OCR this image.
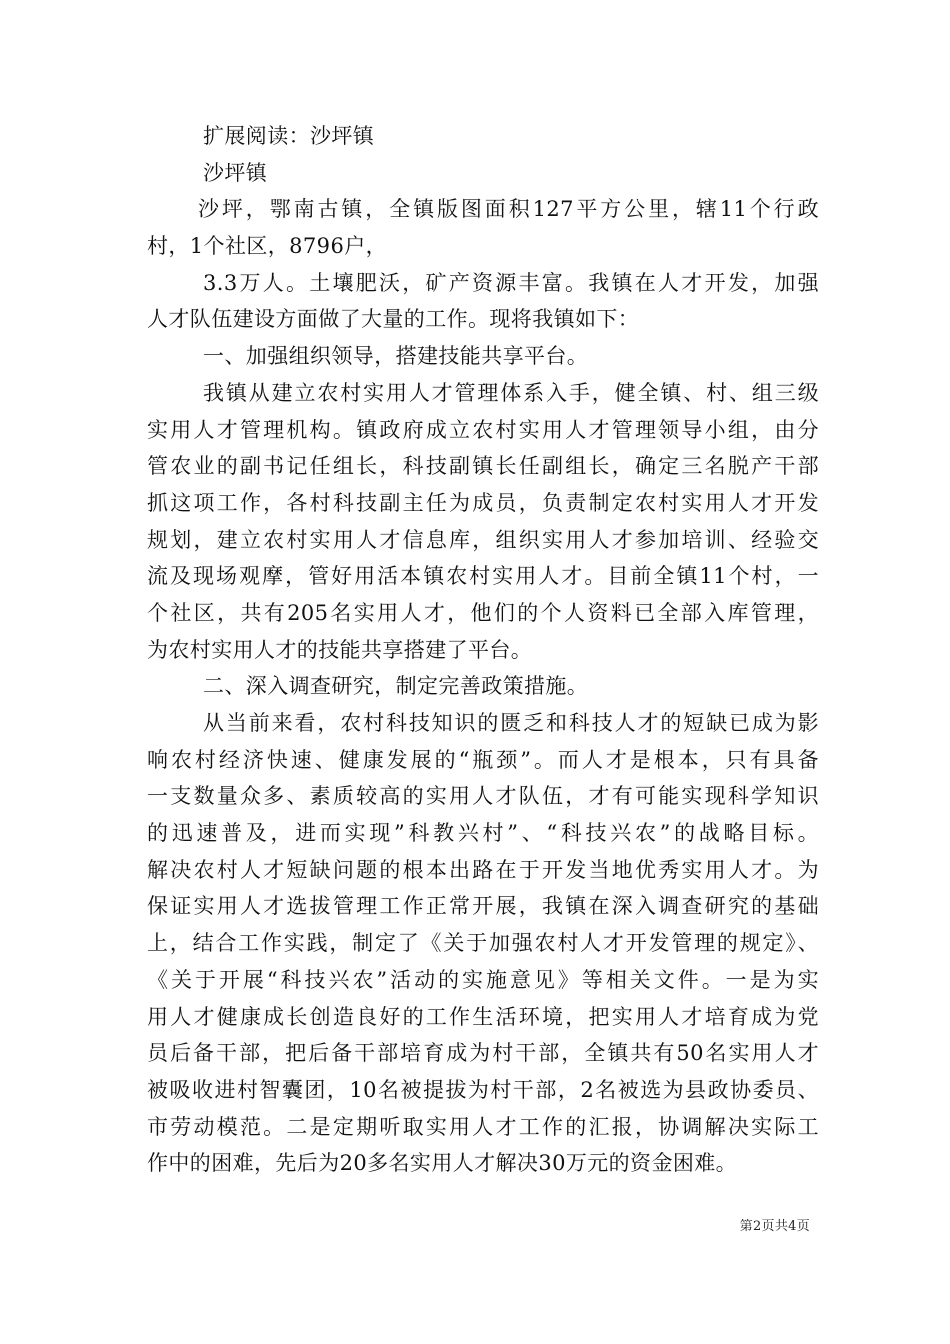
扩展阅读：沙坪镇
沙坪镇
沙坪，鄂南古镇，全镇版图面积127平方公里，辖11个行政
村，1个社区，8796户，
3.3万人。土壤肥沃，矿产资源丰富。我镇在人才开发，加强
人才队伍建设方面做了大量的工作。现将我镇如下：
一、加强组织领导，搭建技能共享平台。
我镇从建立农村实用人才管理体系入手，健全镇、村、组三级
实用人才管理机构。镇政府成立农村实用人才管理领导小组，由分
管农业的副书记任组长，科技副镇长任副组长，确定三名脱产干部
抓这项工作，各村科技副主任为成员，负责制定农村实用人才开发
规划，建立农村实用人才信息库，组织实用人才参加培训、经验交
流及现场观摩，管好用活本镇农村实用人才。目前全镇11个村，一
个社区，共有205名实用人才，他们的个人资料已全部入库管理，
为农村实用人才的技能共享搭建了平台。
二、深入调查研究，制定完善政策措施。
从当前来看，农村科技知识的匮乏和科技人才的短缺已成为影
响农村经济快速、健康发展的“瓶颈”。而人才是根本，只有具备
一支数量众多、素质较高的实用人才队伍，才有可能实现科学知识
的迅速普及，进而实现”科教兴村”、“科技兴农”的战略目标。
解决农村人才短缺问题的根本出路在于开发当地优秀实用人才。为
保证实用人才选拔管理工作正常开展，我镇在深入调查研究的基础
上，结合工作实践，制定了《关于加强农村人才开发管理的规定》、
《关于开展“科技兴农”活动的实施意见》等相关文件。一是为实
用人才健康成长创造良好的工作生活环境，把实用人才培育成为党
员后备干部，把后备干部培育成为村干部，全镇共有50名实用人才
被吸收进村智囊团，10名被提拔为村干部，2名被选为县政协委员、
市劳动模范。二是定期听取实用人才工作的汇报，协调解决实际工
作中的困难，先后为20多名实用人才解决30万元的资金困难。
第2页共4页
